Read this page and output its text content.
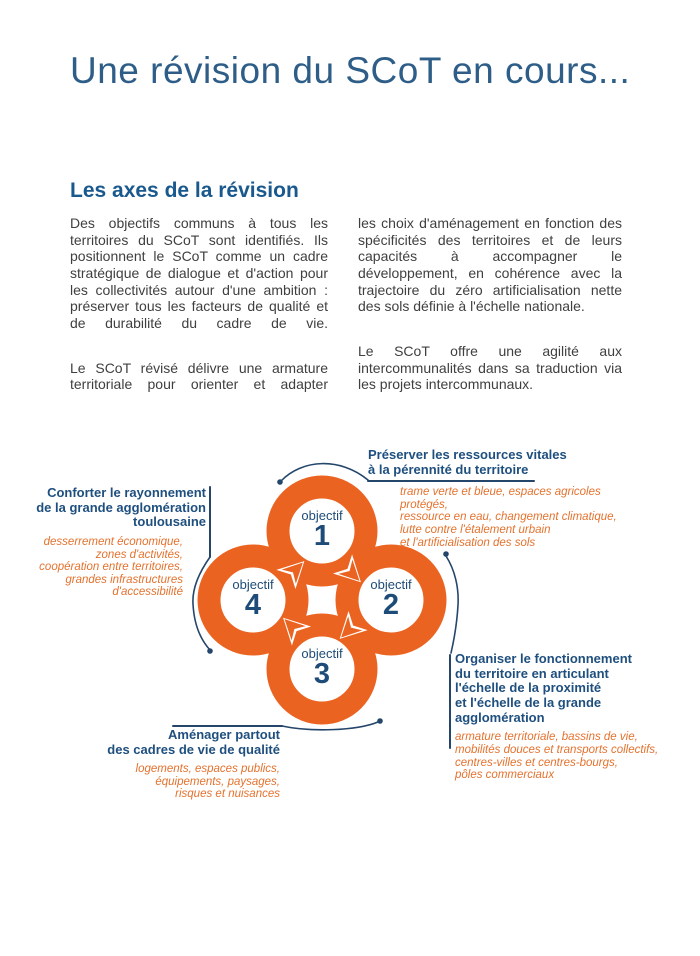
Une révision du SCoT en cours...
Les axes de la révision

Des objectifs communs à tous les territoires du SCoT sont identifiés. Ils positionnent le SCoT comme un cadre stratégique de dialogue et d'action pour les collectivités autour d'une ambition : préserver tous les facteurs de qualité et de durabilité du cadre de vie.

Le SCoT révisé délivre une armature territoriale pour orienter et adapter

les choix d'aménagement en fonction des spécificités des territoires et de leurs capacités à accompagner le développement, en cohérence avec la trajectoire du zéro artificialisation nette des sols définie à l'échelle nationale.

Le SCoT offre une agilité aux intercommunalités dans sa traduction via les projets intercommunaux.

objectif
1
objectif
2
objectif
3
objectif
4

Préserver les ressources vitales
à la pérennité du territoire

trame verte et bleue, espaces agricoles protégés,
ressource en eau, changement climatique,
lutte contre l'étalement urbain
et l'artificialisation des sols

Organiser le fonctionnement
du territoire en articulant
l'échelle de la proximité
et l'échelle de la grande
agglomération

armature territoriale, bassins de vie,
mobilités douces et transports collectifs,
centres-villes et centres-bourgs,
pôles commerciaux

Aménager partout
des cadres de vie de qualité

logements, espaces publics,
équipements, paysages,
risques et nuisances

Conforter le rayonnement
de la grande agglomération
toulousaine

desserrement économique,
zones d'activités,
coopération entre territoires,
grandes infrastructures
d'accessibilité
